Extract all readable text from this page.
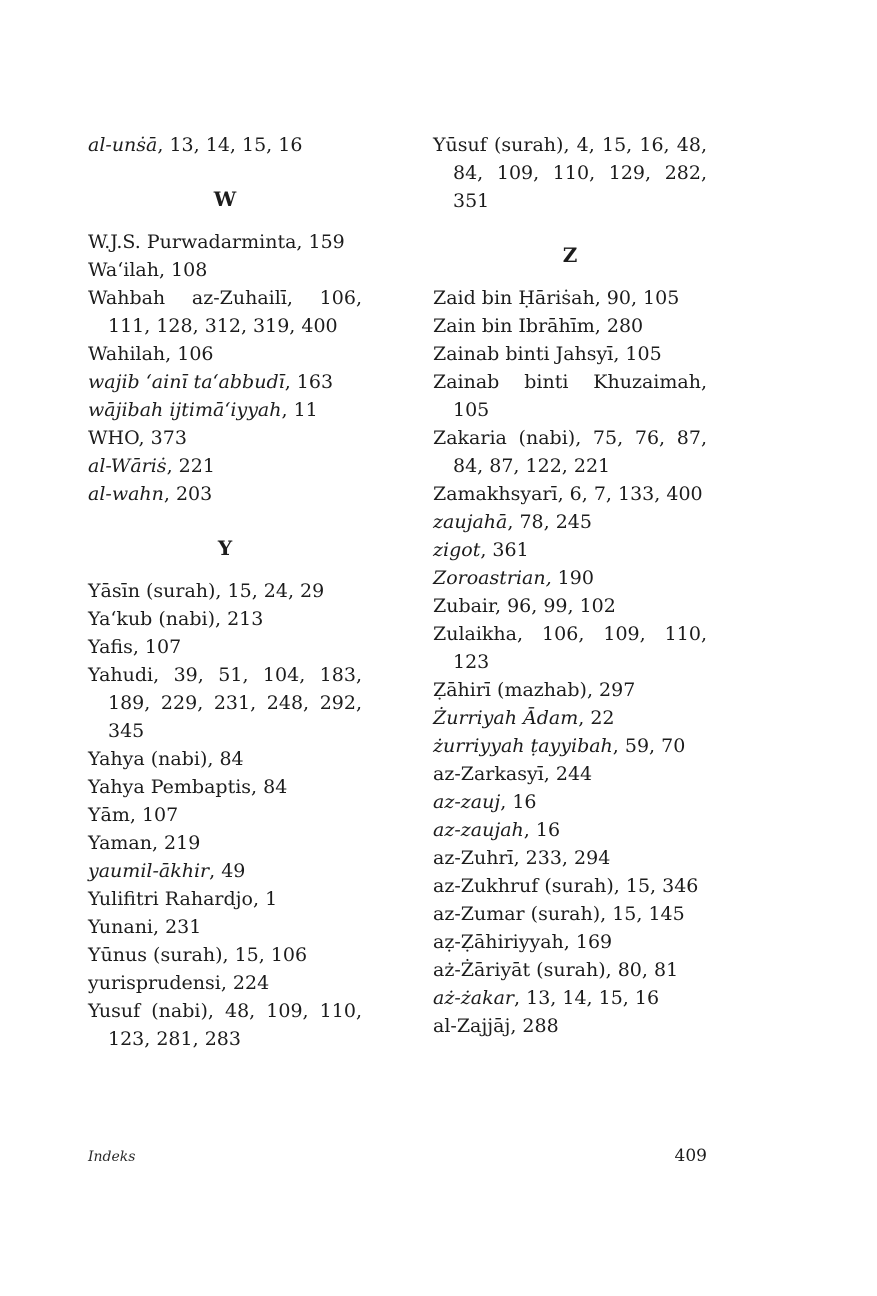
al-unṡā, 13, 14, 15, 16
W
W.J.S. Purwadarminta, 159
Wa‘ilah, 108
Wahbah az-Zuhailī, 106, 111, 128, 312, 319, 400
Wahilah, 106
wajib ‘ainī ta‘abbudī, 163
wājibah ijtimā‘iyyah, 11
WHO, 373
al-Wāriṡ, 221
al-wahn, 203
Y
Yāsīn (surah), 15, 24, 29
Ya‘kub (nabi), 213
Yafis, 107
Yahudi, 39, 51, 104, 183, 189, 229, 231, 248, 292, 345
Yahya (nabi), 84
Yahya Pembaptis, 84
Yām, 107
Yaman, 219
yaumil-ākhir, 49
Yulifitri Rahardjo, 1
Yunani, 231
Yūnus (surah), 15, 106
yurisprudensi, 224
Yusuf (nabi), 48, 109, 110, 123, 281, 283
Yūsuf (surah), 4, 15, 16, 48, 84, 109, 110, 129, 282, 351
Z
Zaid bin Ḥāriṡah, 90, 105
Zain bin Ibrāhīm, 280
Zainab binti Jahsyī, 105
Zainab binti Khuzaimah, 105
Zakaria (nabi), 75, 76, 87, 84, 87, 122, 221
Zamakhsyarī, 6, 7, 133, 400
zaujahā, 78, 245
zigot, 361
Zoroastrian, 190
Zubair, 96, 99, 102
Zulaikha, 106, 109, 110, 123
Ẓāhirī (mazhab), 297
Żurriyah Ādam, 22
żurriyyah ṭayyibah, 59, 70
az-Zarkasyī, 244
az-zauj, 16
az-zaujah, 16
az-Zuhrī, 233, 294
az-Zukhruf (surah), 15, 346
az-Zumar (surah), 15, 145
aẓ-Ẓāhiriyyah, 169
aż-Żāriyāt (surah), 80, 81
aż-żakar, 13, 14, 15, 16
al-Zajjāj, 288
Indeks	409
